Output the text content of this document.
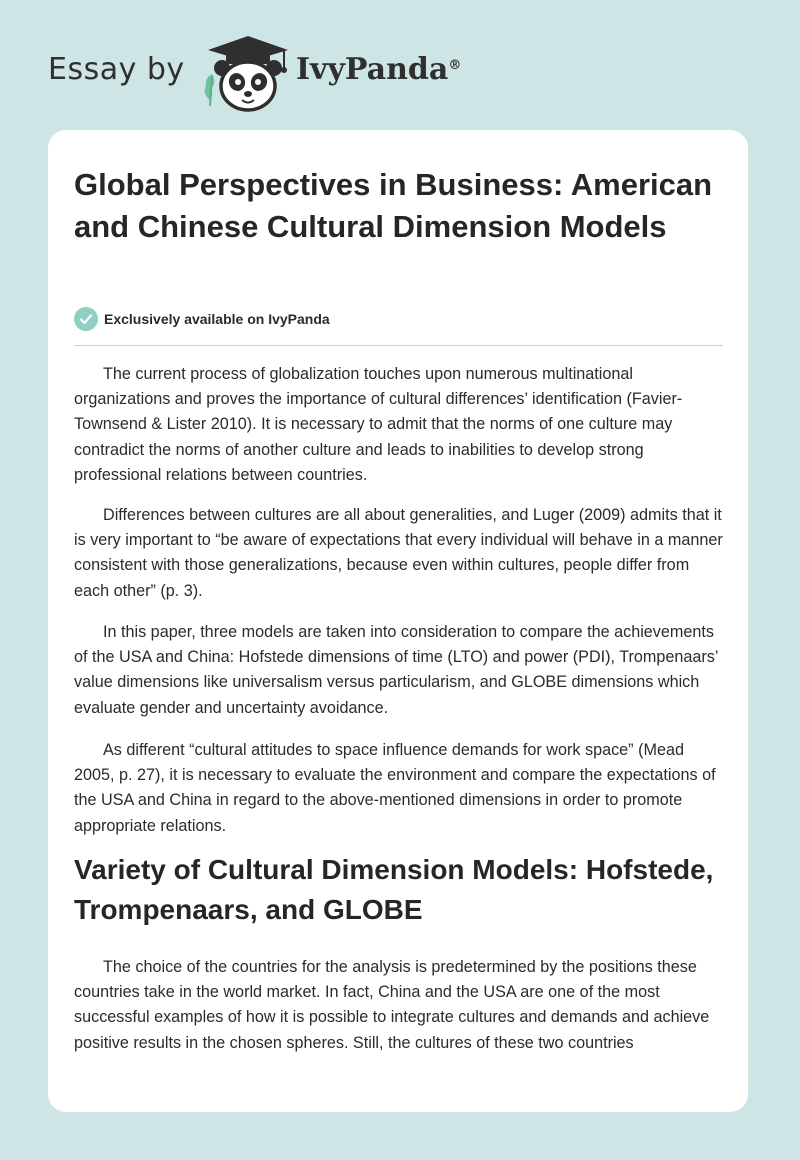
Essay by	IvyPanda®
Global Perspectives in Business: American and Chinese Cultural Dimension Models
Exclusively available on IvyPanda

The current process of globalization touches upon numerous multinational organizations and proves the importance of cultural differences’ identification (Favier-Townsend & Lister 2010). It is necessary to admit that the norms of one culture may contradict the norms of another culture and leads to inabilities to develop strong professional relations between countries.

Differences between cultures are all about generalities, and Luger (2009) admits that it is very important to “be aware of expectations that every individual will behave in a manner consistent with those generalizations, because even within cultures, people differ from each other” (p. 3).

In this paper, three models are taken into consideration to compare the achievements of the USA and China: Hofstede dimensions of time (LTO) and power (PDI), Trompenaars’ value dimensions like universalism versus particularism, and GLOBE dimensions which evaluate gender and uncertainty avoidance.

As different “cultural attitudes to space influence demands for work space” (Mead 2005, p. 27), it is necessary to evaluate the environment and compare the expectations of the USA and China in regard to the above-mentioned dimensions in order to promote appropriate relations.

Variety of Cultural Dimension Models: Hofstede, Trompenaars, and GLOBE

The choice of the countries for the analysis is predetermined by the positions these countries take in the world market. In fact, China and the USA are one of the most successful examples of how it is possible to integrate cultures and demands and achieve positive results in the chosen spheres. Still, the cultures of these two countries
